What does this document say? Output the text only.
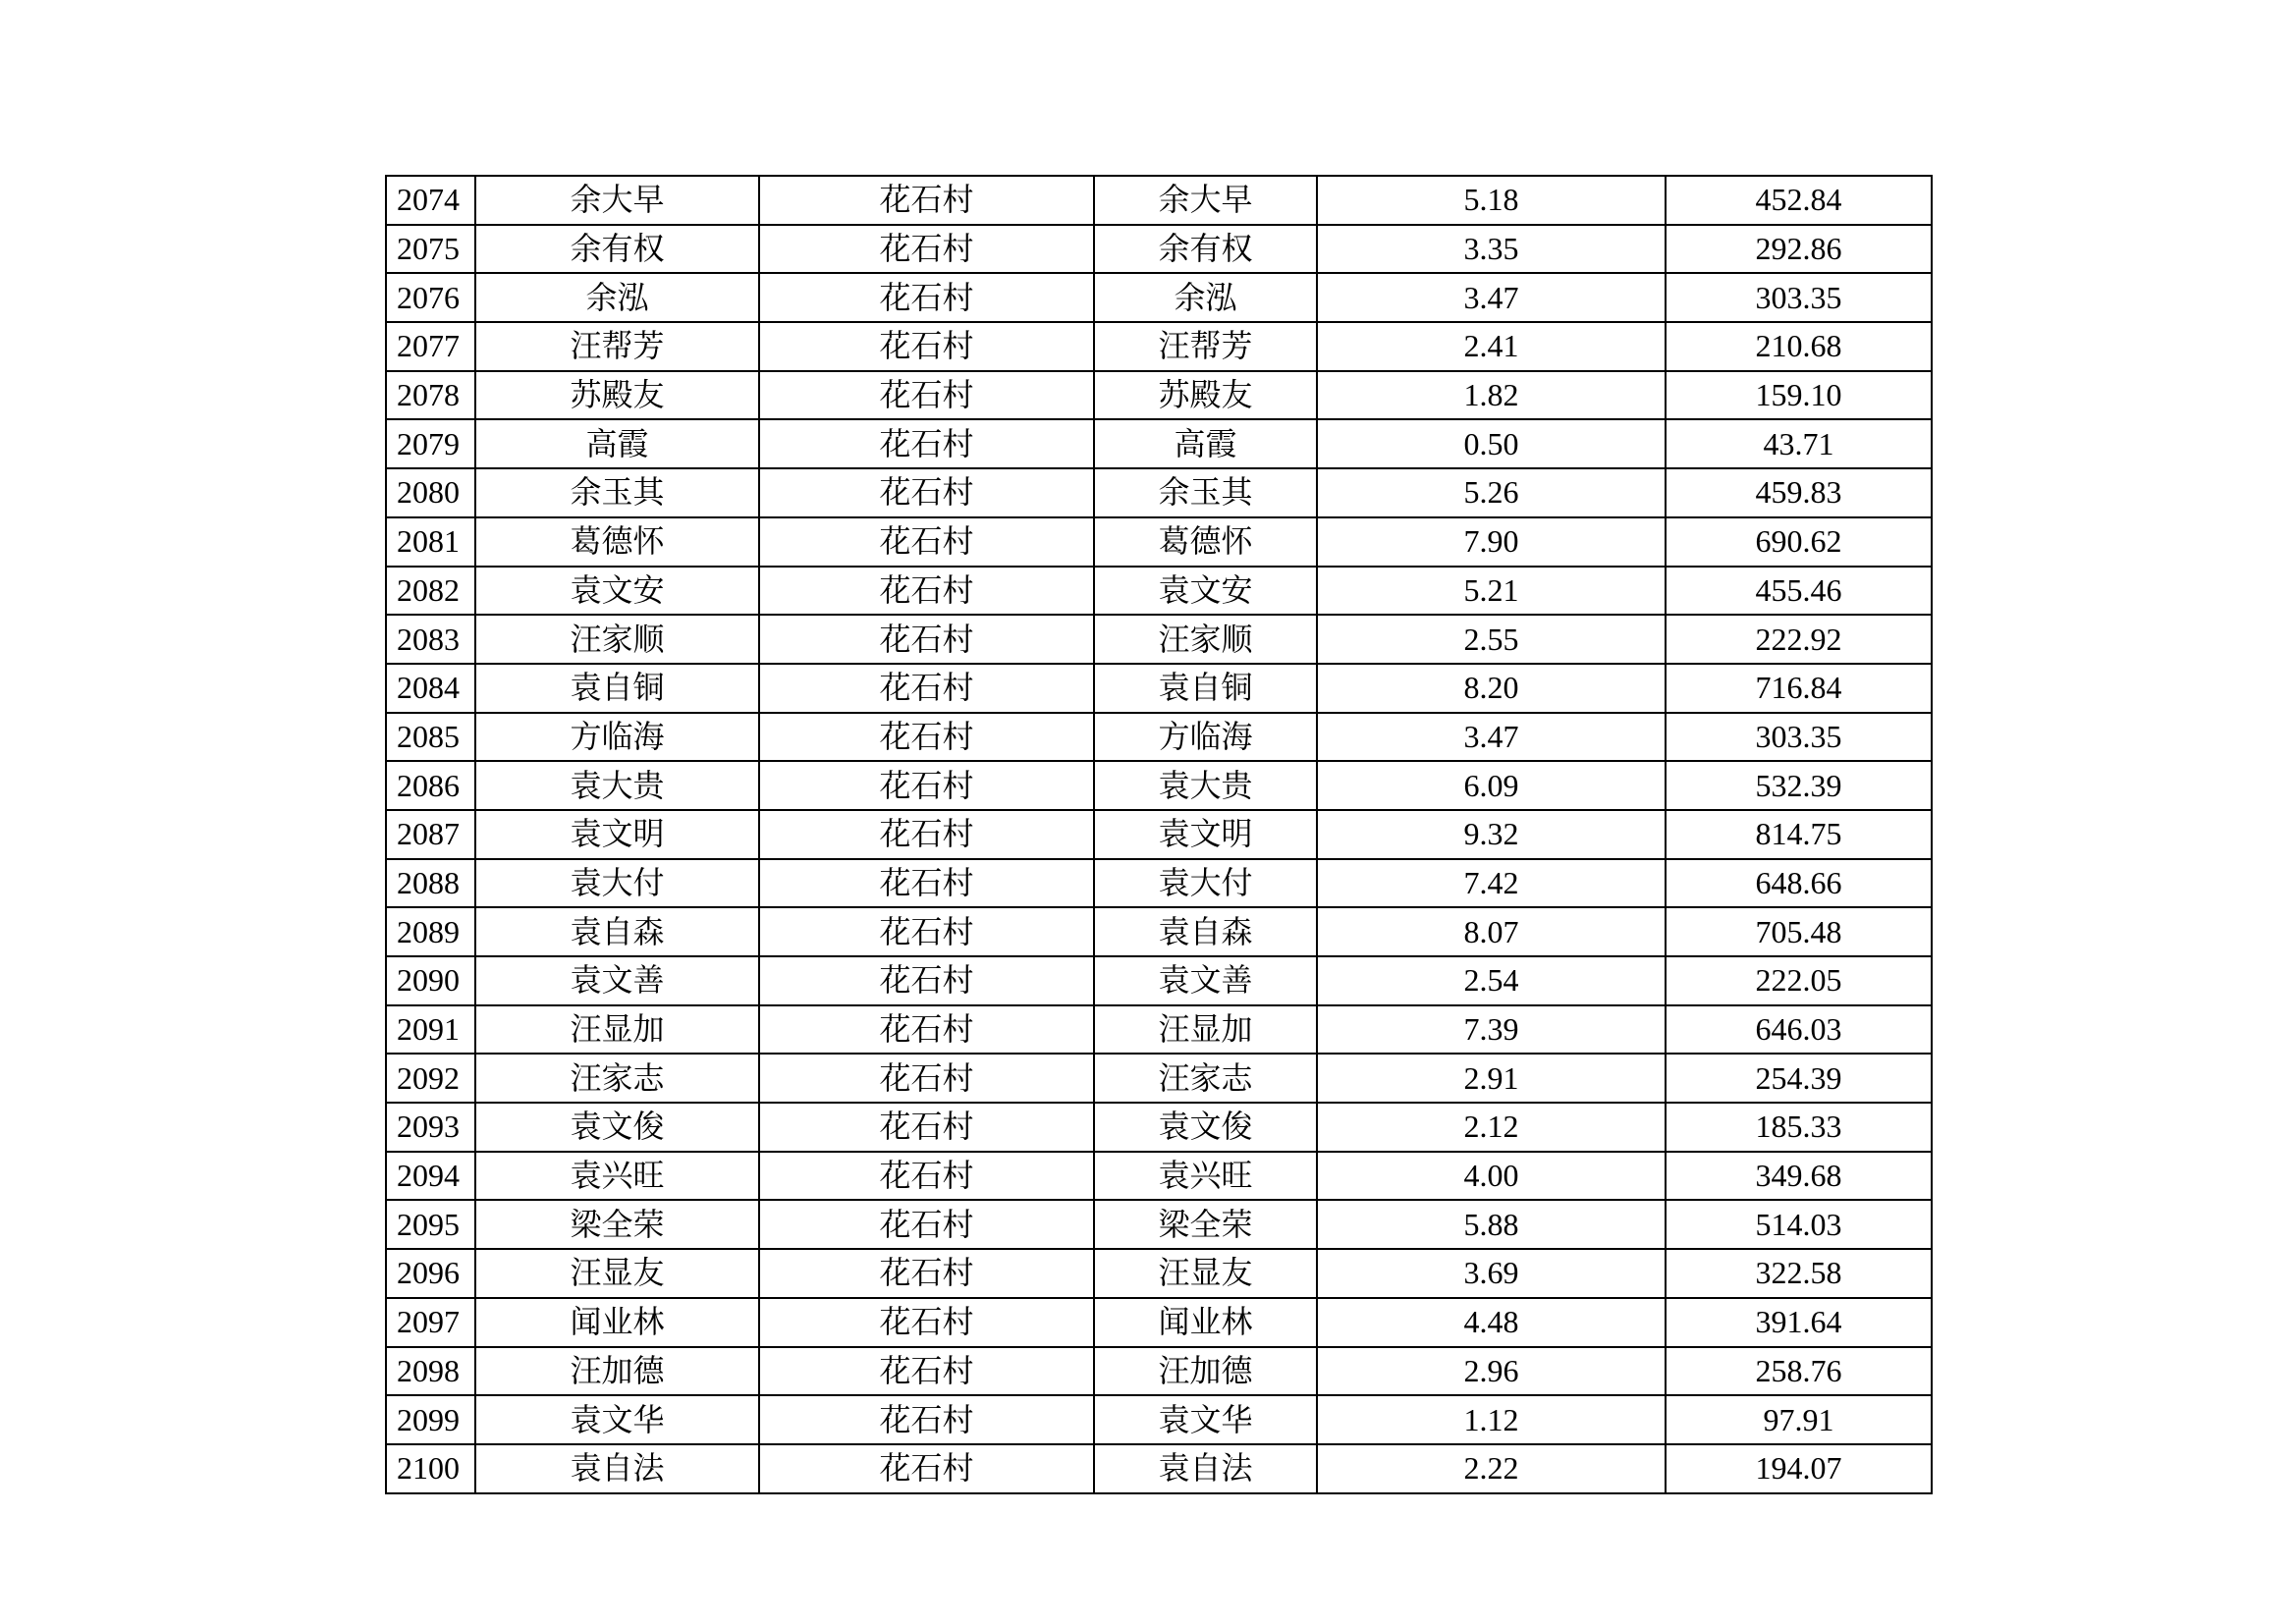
2074	余大早	花石村	余大早	5.18	452.84
2075	余有权	花石村	余有权	3.35	292.86
2076	余泓	花石村	余泓	3.47	303.35
2077	汪帮芳	花石村	汪帮芳	2.41	210.68
2078	苏殿友	花石村	苏殿友	1.82	159.10
2079	高霞	花石村	高霞	0.50	43.71
2080	余玉其	花石村	余玉其	5.26	459.83
2081	葛德怀	花石村	葛德怀	7.90	690.62
2082	袁文安	花石村	袁文安	5.21	455.46
2083	汪家顺	花石村	汪家顺	2.55	222.92
2084	袁自铜	花石村	袁自铜	8.20	716.84
2085	方临海	花石村	方临海	3.47	303.35
2086	袁大贵	花石村	袁大贵	6.09	532.39
2087	袁文明	花石村	袁文明	9.32	814.75
2088	袁大付	花石村	袁大付	7.42	648.66
2089	袁自森	花石村	袁自森	8.07	705.48
2090	袁文善	花石村	袁文善	2.54	222.05
2091	汪显加	花石村	汪显加	7.39	646.03
2092	汪家志	花石村	汪家志	2.91	254.39
2093	袁文俊	花石村	袁文俊	2.12	185.33
2094	袁兴旺	花石村	袁兴旺	4.00	349.68
2095	梁全荣	花石村	梁全荣	5.88	514.03
2096	汪显友	花石村	汪显友	3.69	322.58
2097	闻业林	花石村	闻业林	4.48	391.64
2098	汪加德	花石村	汪加德	2.96	258.76
2099	袁文华	花石村	袁文华	1.12	97.91
2100	袁自法	花石村	袁自法	2.22	194.07
